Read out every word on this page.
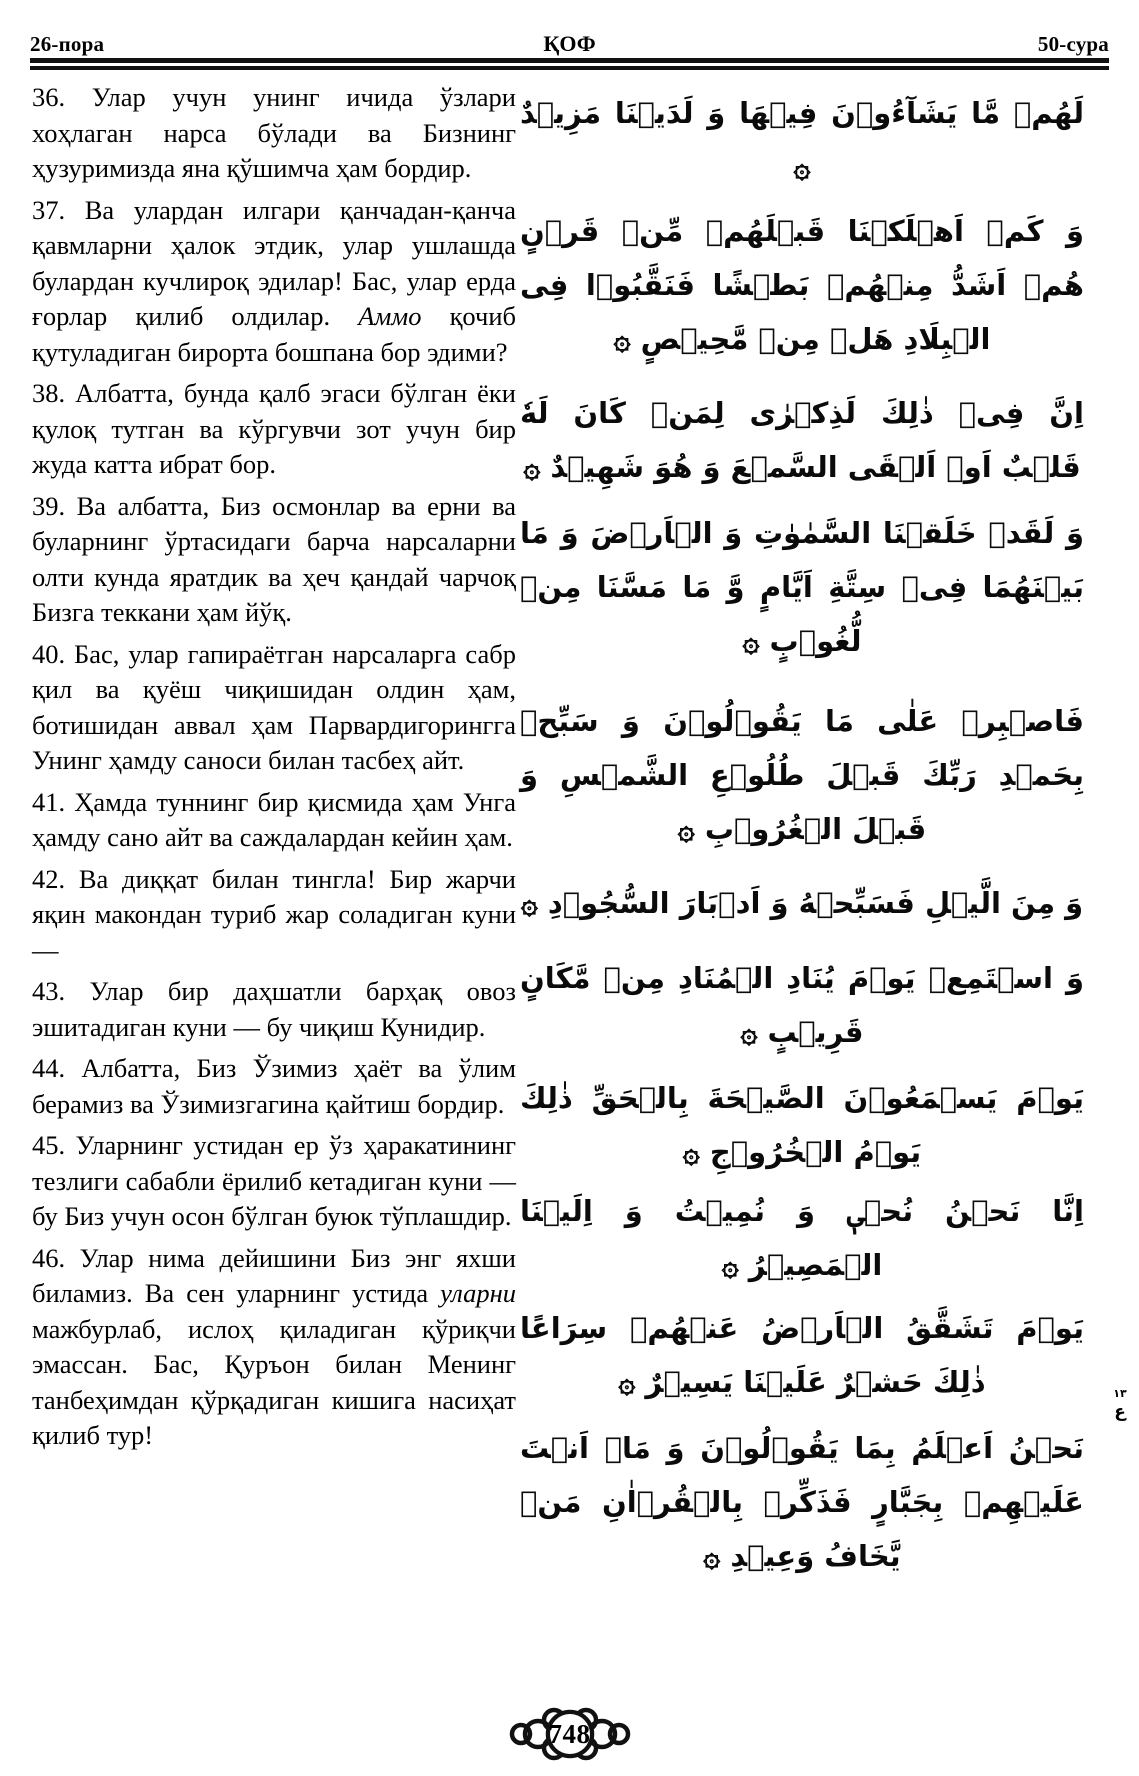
26-пора	ҚОФ	50-сура

36. Улар учун унинг ичида ўзлари хоҳлаган нарса бўлади ва Бизнинг ҳузуримизда яна қўшимча ҳам бордир.

37. Ва улардан илгари қанчадан-қанча қавмларни ҳалок этдик, улар ушлашда булардан кучлироқ эдилар! Бас, улар ерда ғорлар қилиб олдилар. Аммо қочиб қутуладиган бирорта бошпана бор эдими?

38. Албатта, бунда қалб эгаси бўлган ёки қулоқ тутган ва кўргувчи зот учун бир жуда катта ибрат бор.

39. Ва албатта, Биз осмонлар ва ерни ва буларнинг ўртасидаги барча нарсаларни олти кунда яратдик ва ҳеч қандай чарчоқ Бизга теккани ҳам йўқ.

40. Бас, улар гапираётган нарсаларга сабр қил ва қуёш чиқишидан олдин ҳам, ботишидан аввал ҳам Парвардигорингга Унинг ҳамду саноси билан тасбеҳ айт.

41. Ҳамда туннинг бир қисмида ҳам Унга ҳамду сано айт ва саждалардан кейин ҳам.

42. Ва диққат билан тингла! Бир жарчи яқин макондан туриб жар соладиган куни —

43. Улар бир даҳшатли барҳақ овоз эшитадиган куни — бу чиқиш Кунидир.

44. Албатта, Биз Ўзимиз ҳаёт ва ўлим берамиз ва Ўзимизгагина қайтиш бордир.

45. Уларнинг устидан ер ўз ҳаракатининг тезлиги сабабли ёрилиб кетадиган куни — бу Биз учун осон бўлган буюк тўплашдир.

46. Улар нима дейишини Биз энг яхши биламиз. Ва сен уларнинг устида уларни мажбурлаб, ислоҳ қиладиган қўриқчи эмассан. Бас, Қуръон билан Менинг танбеҳимдан қўрқадиган кишига насиҳат қилиб тур!

لَهُمۡ مَّا يَشَآءُوۡنَ فِيۡهَا وَ لَدَيۡنَا مَزِيۡدٌ ۞
وَ كَمۡ اَهۡلَكۡنَا قَبۡلَهُمۡ مِّنۡ قَرۡنٍ هُمۡ اَشَدُّ مِنۡهُمۡ بَطۡشًا فَنَقَّبُوۡا فِى الۡبِلَادِ هَلۡ مِنۡ مَّحِيۡصٍ ۞
اِنَّ فِىۡ ذٰلِكَ لَذِكۡرٰى لِمَنۡ كَانَ لَهٗ قَلۡبٌ اَوۡ اَلۡقَى السَّمۡعَ وَ هُوَ شَهِيۡدٌ ۞
وَ لَقَدۡ خَلَقۡنَا السَّمٰوٰتِ وَ الۡاَرۡضَ وَ مَا بَيۡنَهُمَا فِىۡ سِتَّةِ اَيَّامٍ وَّ مَا مَسَّنَا مِنۡ لُّغُوۡبٍ ۞
فَاصۡبِرۡ عَلٰى مَا يَقُوۡلُوۡنَ وَ سَبِّحۡ بِحَمۡدِ رَبِّكَ قَبۡلَ طُلُوۡعِ الشَّمۡسِ وَ قَبۡلَ الۡغُرُوۡبِ ۞
وَ مِنَ الَّيۡلِ فَسَبِّحۡهُ وَ اَدۡبَارَ السُّجُوۡدِ ۞
وَ اسۡتَمِعۡ يَوۡمَ يُنَادِ الۡمُنَادِ مِنۡ مَّكَانٍ قَرِيۡبٍ ۞
يَوۡمَ يَسۡمَعُوۡنَ الصَّيۡحَةَ بِالۡحَقِّ ذٰلِكَ يَوۡمُ الۡخُرُوۡجِ ۞
اِنَّا نَحۡنُ نُحۡىٖ وَ نُمِيۡتُ وَ اِلَيۡنَا الۡمَصِيۡرُ ۞
يَوۡمَ تَشَقَّقُ الۡاَرۡضُ عَنۡهُمۡ سِرَاعًا ذٰلِكَ حَشۡرٌ عَلَيۡنَا يَسِيۡرٌ ۞
نَحۡنُ اَعۡلَمُ بِمَا يَقُوۡلُوۡنَ وَ مَاۤ اَنۡتَ عَلَيۡهِمۡ بِجَبَّارٍ فَذَكِّرۡ بِالۡقُرۡاٰنِ مَنۡ يَّخَافُ وَعِيۡدِ ۞
١٣
ع
748
